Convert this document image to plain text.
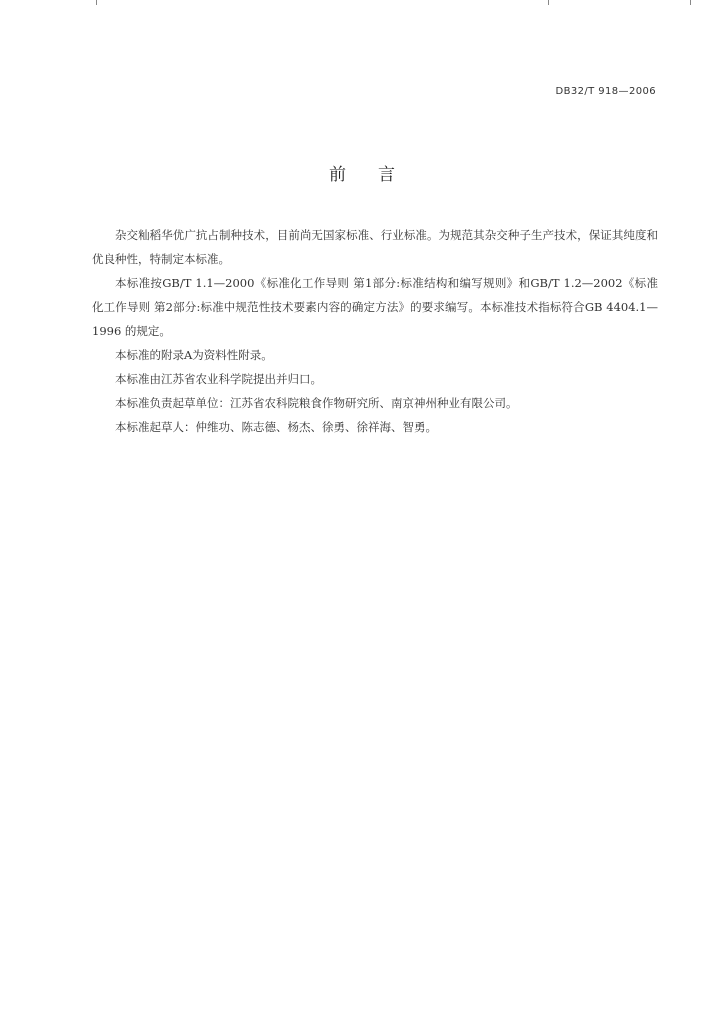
DB32/T 918—2006
前言

杂交籼稻华优广抗占制种技术，目前尚无国家标准、行业标准。为规范其杂交种子生产技术，保证其纯度和优良种性，特制定本标准。

本标准按GB/T 1.1—2000《标准化工作导则 第1部分:标准结构和编写规则》和GB/T 1.2—2002《标准化工作导则 第2部分:标准中规范性技术要素内容的确定方法》的要求编写。本标准技术指标符合GB 4404.1—1996 的规定。

本标准的附录A为资料性附录。

本标准由江苏省农业科学院提出并归口。

本标准负责起草单位：江苏省农科院粮食作物研究所、南京神州种业有限公司。

本标准起草人：仲维功、陈志德、杨杰、徐勇、徐祥海、智勇。
